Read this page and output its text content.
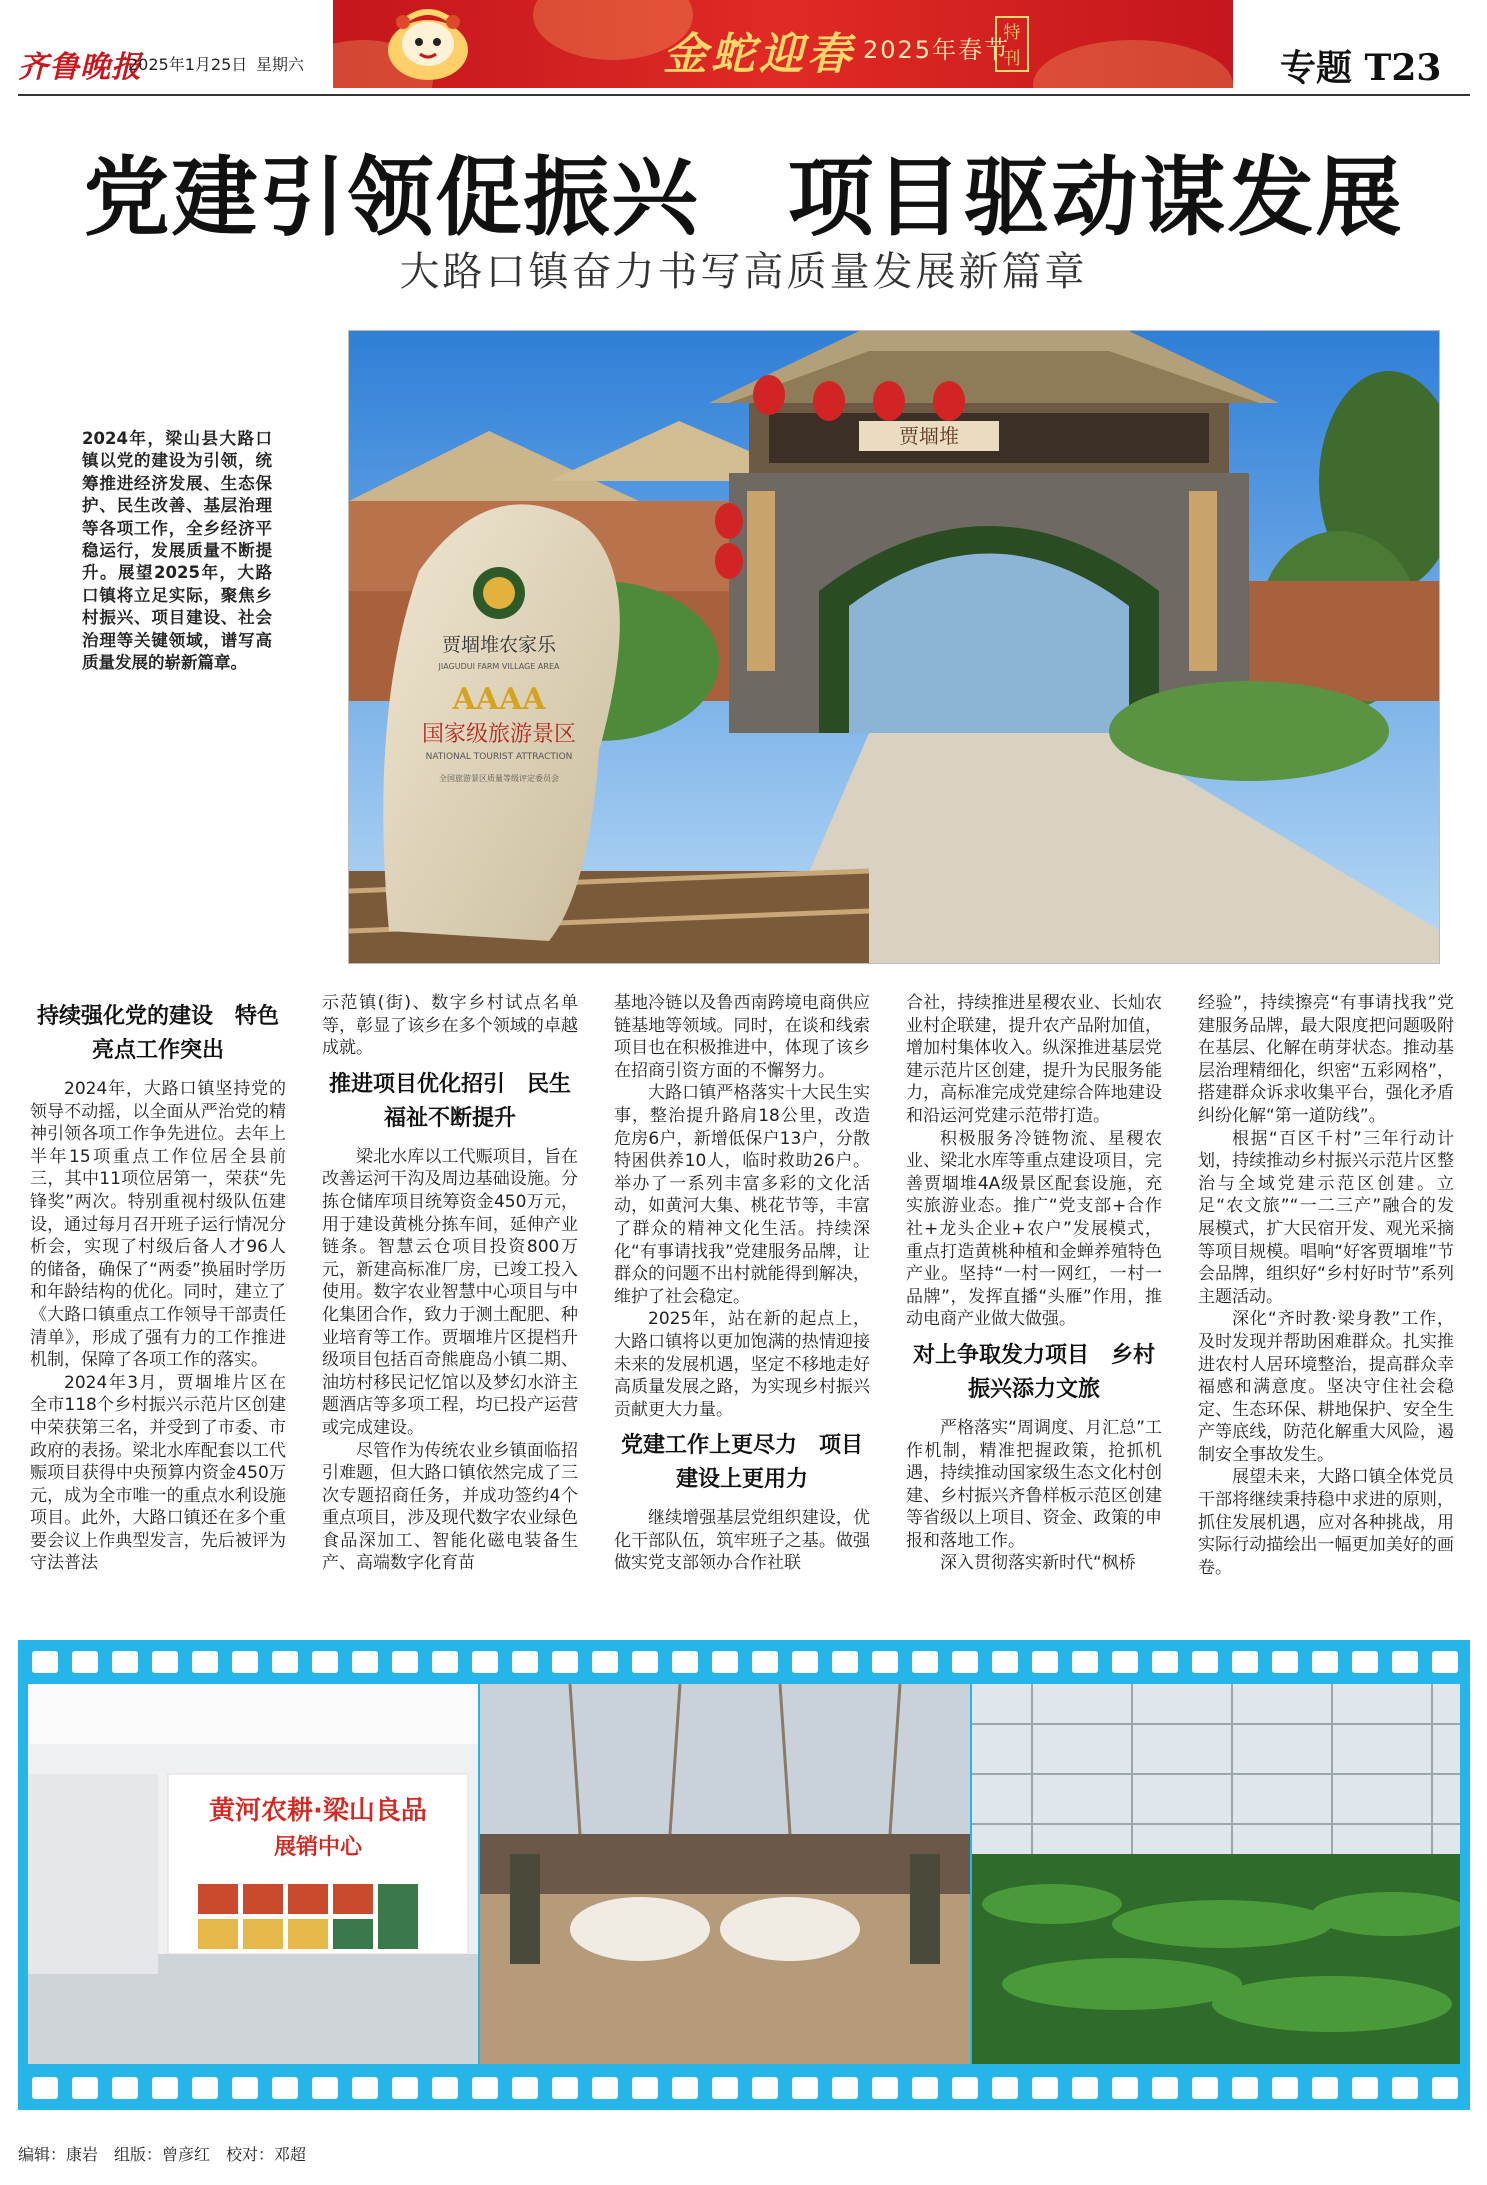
齐鲁晚报
2025年1月25日 星期六	金蛇迎春 2025年春节
特刊	专题 T23
党建引领促振兴　项目驱动谋发展
大路口镇奋力书写高质量发展新篇章
2024年，梁山县大路口镇以党的建设为引领，统筹推进经济发展、生态保护、民生改善、基层治理等各项工作，全乡经济平稳运行，发展质量不断提升。展望2025年，大路口镇将立足实际，聚焦乡村振兴、项目建设、社会治理等关键领域，谱写高质量发展的崭新篇章。
贾堌堆农家乐
JIAGUDUI FARM VILLAGE AREA
AAAA
国家级旅游景区
NATIONAL TOURIST ATTRACTION
全国旅游景区质量等级评定委员会
贾堌堆
持续强化党的建设　特色亮点工作突出

2024年，大路口镇坚持党的领导不动摇，以全面从严治党的精神引领各项工作争先进位。去年上半年15项重点工作位居全县前三，其中11项位居第一，荣获“先锋奖”两次。特别重视村级队伍建设，通过每月召开班子运行情况分析会，实现了村级后备人才96人的储备，确保了“两委”换届时学历和年龄结构的优化。同时，建立了《大路口镇重点工作领导干部责任清单》，形成了强有力的工作推进机制，保障了各项工作的落实。

2024年3月，贾堌堆片区在全市118个乡村振兴示范片区创建中荣获第三名，并受到了市委、市政府的表扬。梁北水库配套以工代赈项目获得中央预算内资金450万元，成为全市唯一的重点水利设施项目。此外，大路口镇还在多个重要会议上作典型发言，先后被评为守法普法

示范镇(街)、数字乡村试点名单等，彰显了该乡在多个领域的卓越成就。

推进项目优化招引　民生福祉不断提升

梁北水库以工代赈项目，旨在改善运河干沟及周边基础设施。分拣仓储库项目统筹资金450万元，用于建设黄桃分拣车间，延伸产业链条。智慧云仓项目投资800万元，新建高标准厂房，已竣工投入使用。数字农业智慧中心项目与中化集团合作，致力于测土配肥、种业培育等工作。贾堌堆片区提档升级项目包括百奇熊鹿岛小镇二期、油坊村移民记忆馆以及梦幻水浒主题酒店等多项工程，均已投产运营或完成建设。

尽管作为传统农业乡镇面临招引难题，但大路口镇依然完成了三次专题招商任务，并成功签约4个重点项目，涉及现代数字农业绿色食品深加工、智能化磁电装备生产、高端数字化育苗

基地冷链以及鲁西南跨境电商供应链基地等领域。同时，在谈和线索项目也在积极推进中，体现了该乡在招商引资方面的不懈努力。

大路口镇严格落实十大民生实事，整治提升路肩18公里，改造危房6户，新增低保户13户，分散特困供养10人，临时救助26户。举办了一系列丰富多彩的文化活动，如黄河大集、桃花节等，丰富了群众的精神文化生活。持续深化“有事请找我”党建服务品牌，让群众的问题不出村就能得到解决，维护了社会稳定。

2025年，站在新的起点上，大路口镇将以更加饱满的热情迎接未来的发展机遇，坚定不移地走好高质量发展之路，为实现乡村振兴贡献更大力量。

党建工作上更尽力　项目建设上更用力

继续增强基层党组织建设，优化干部队伍，筑牢班子之基。做强做实党支部领办合作社联

合社，持续推进星稷农业、长灿农业村企联建，提升农产品附加值，增加村集体收入。纵深推进基层党建示范片区创建，提升为民服务能力，高标准完成党建综合阵地建设和沿运河党建示范带打造。

积极服务冷链物流、星稷农业、梁北水库等重点建设项目，完善贾堌堆4A级景区配套设施，充实旅游业态。推广“党支部+合作社+龙头企业+农户”发展模式，重点打造黄桃种植和金蝉养殖特色产业。坚持“一村一网红，一村一品牌”，发挥直播“头雁”作用，推动电商产业做大做强。

对上争取发力项目　乡村振兴添力文旅

严格落实“周调度、月汇总”工作机制，精准把握政策，抢抓机遇，持续推动国家级生态文化村创建、乡村振兴齐鲁样板示范区创建等省级以上项目、资金、政策的申报和落地工作。

深入贯彻落实新时代“枫桥

经验”，持续擦亮“有事请找我”党建服务品牌，最大限度把问题吸附在基层、化解在萌芽状态。推动基层治理精细化，织密“五彩网格”，搭建群众诉求收集平台，强化矛盾纠纷化解“第一道防线”。

根据“百区千村”三年行动计划，持续推动乡村振兴示范片区整治与全域党建示范区创建。立足“农文旅”“一二三产”融合的发展模式，扩大民宿开发、观光采摘等项目规模。唱响“好客贾堌堆”节会品牌，组织好“乡村好时节”系列主题活动。

深化“齐时教·梁身教”工作，及时发现并帮助困难群众。扎实推进农村人居环境整治，提高群众幸福感和满意度。坚决守住社会稳定、生态环保、耕地保护、安全生产等底线，防范化解重大风险，遏制安全事故发生。

展望未来，大路口镇全体党员干部将继续秉持稳中求进的原则，抓住发展机遇，应对各种挑战，用实际行动描绘出一幅更加美好的画卷。

黄河农耕·梁山良品
展销中心
编辑：康岩　组版：曾彦红　校对：邓超
